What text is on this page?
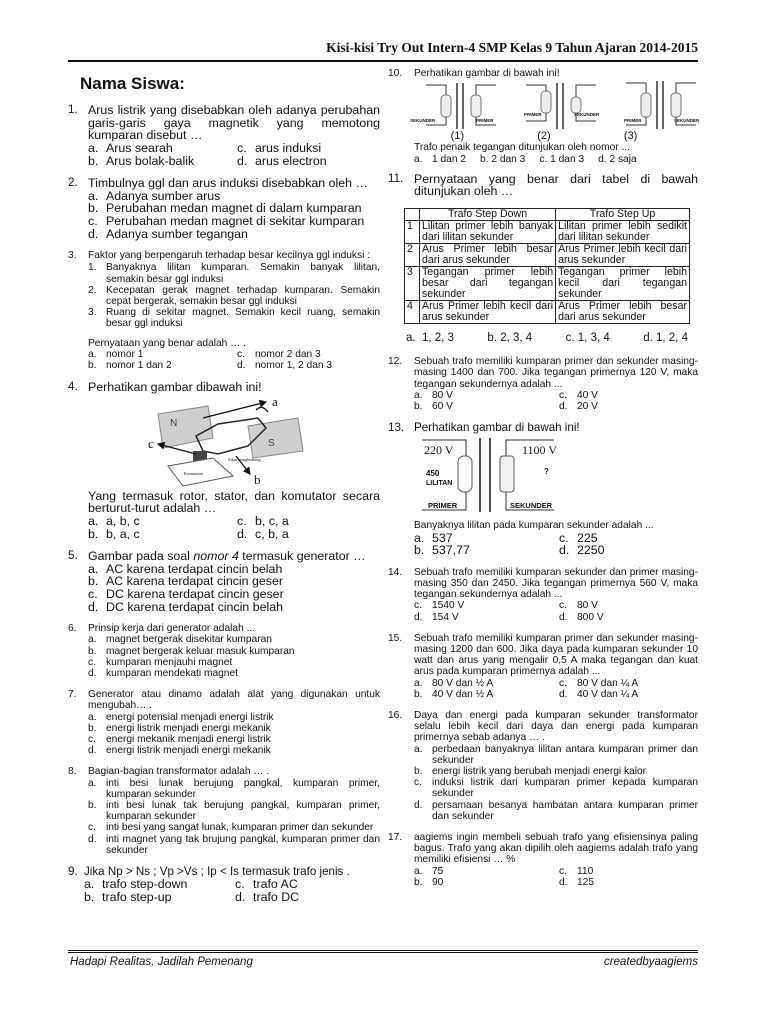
Kisi-kisi Try Out Intern-4 SMP Kelas 9 Tahun Ajaran 2014-2015
Nama Siswa:
1. Arus listrik yang disebabkan oleh adanya perubahan garis-garis gaya magnetik yang memotong kumparan disebut …
a. Arus searah	c. arus induksi
b. Arus bolak-balik	d. arus electron
2. Timbulnya ggl dan arus induksi disebabkan oleh …
a. Adanya sumber arus
b. Perubahan medan magnet di dalam kumparan
c. Perubahan medan magnet di sekitar kumparan
d. Adanya sumber tegangan
3.	Faktor yang berpengaruh terhadap besar kecilnya ggl induksi :
1. Banyaknya lilitan kumparan. Semakin banyak lilitan, semakin besar ggl induksi
2. Kecepatan gerak magnet terhadap kumparan. Semakin cepat bergerak, semakin besar ggl induksi
3. Ruang di sekitar magnet. Semakin kecil ruang, semakin besar ggl induksi
Pernyataan yang benar adalah … .
a. nomor 1	c. nomor 2 dan 3
b. nomor 1 dan 2	d. nomor 1, 2 dan 3
4. Perhatikan gambar dibawah ini!
a
c
b
N
S
Sikat penghubung
Komutator
Yang termasuk rotor, stator, dan komutator secara berturut-turut adalah …
a. a, b, c	c. b, c, a
b. b, a, c	d. c, b, a
5. Gambar pada soal nomor 4 termasuk generator …
a. AC karena terdapat cincin belah
b. AC karena terdapat cincin geser
c. DC karena terdapat cincin geser
d. DC karena terdapat cincin belah
6.	Prinsip kerja dari generator adalah ...
a. magnet bergerak disekitar kumparan
b. magnet bergerak keluar masuk kumparan
c. kumparan menjauhi magnet
d. kumparan mendekati magnet
7.	Generator atau dinamo adalah alat yang digunakan untuk mengubah… .
a. energi potensial menjadi energi listrik
b. energi listrik menjadi energi mekanik
c. energi mekanik menjadi energi listrik
d. energi listrik menjadi energi mekanik
8.	Bagian-bagian transformator adalah … .
a. inti besi lunak berujung pangkal, kumparan primer, kumparan sekunder
b. inti besi lunak tak berujung pangkal, kumparan primer, kumparan sekunder
c. inti besi yang sangat lunak, kumparan primer dan sekunder
d. inti magnet yang tak brujung pangkal, kumparan primer dan sekunder
9. Jika Np > Ns ; Vp >Vs ; Ip < Is termasuk trafo jenis .
a. trafo step-down	c. trafo AC
b. trafo step-up	d. trafo DC
10.	Perhatikan gambar di bawah ini!
SEKUNDER	PRIMER
PRIMER	SEKUNDER
PRIMER	SEKUNDER
(1)	(2)	(3)
Trafo penaik tegangan ditunjukan oleh nomor ...
a. 1 dan 2 b.
2 dan 3 c.
1 dan 3 d.
2 saja
11. Pernyataan yang benar dari tabel di bawah ditunjukan oleh …
	Trafo Step Down	Trafo Step Up
1	Lilitan primer lebih banyak dari lilitan sekunder	Lilitan primer lebih sedikit dari lilitan sekunder
2	Arus Primer lebih besar dari arus sekunder	Arus Primer lebih kecil dari arus sekunder
3	Tegangan primer lebih besar dari tegangan sekunder	Tegangan primer lebih kecil dari tegangan sekunder
4	Arus Primer lebih kecil dari arus sekunder	Arus Primer lebih besar dari arus sekunder
a. 1, 2, 3	b. 2, 3, 4	c. 1, 3, 4	d. 1, 2, 4
12.	Sebuah trafo memiliki kumparan primer dan sekunder masing-masing 1400 dan 700. Jika tegangan primernya 120 V, maka tegangan sekundernya adalah ...
a. 80 V	c. 40 V
b. 60 V	d. 20 V
13. Perhatikan gambar di bawah ini!
220 V	1100 V
450
LILITAN
?
PRIMER	SEKUNDER
Banyaknya lilitan pada kumparan sekunder adalah ...
a. 537	c. 225
b. 537,77	d. 2250
14.	Sebuah trafo memiliki kumparan sekunder dan primer masing-masing 350 dan 2450. Jika tegangan primernya 560 V, maka tegangan sekundernya adalah ...
c. 1540 V	c. 80 V
d. 154 V	d. 800 V
15.	Sebuah trafo memiliki kumparan primer dan sekunder masing-masing 1200 dan 600. Jika daya pada kumparan sekunder 10 watt dan arus yang mengalir 0,5 A maka tegangan dan kuat arus pada kumparan primernya adalah ...
a. 80 V dan ½ A	c. 80 V dan ¼ A
b. 40 V dan ½ A	d. 40 V dan ¼ A
16.	Daya dan energi pada kumparan sekunder transformator selalu lebih kecil dari daya dan energi pada kumparan primernya sebab adanya … .
a. perbedaan banyaknya lilitan antara kumparan primer dan sekunder
b. energi listrik yang berubah menjadi energi kalor
c. induksi listrik dari kumparan primer kepada kumparan sekunder
d. persamaan besanya hambatan antara kumparan primer dan sekunder
17.	aagiems ingin membeli sebuah trafo yang efisiensinya paling bagus. Trafo yang akan dipilih oleh aagiems adalah trafo yang memiliki efisiensi … %
a. 75	c. 110
b. 90	d. 125
Hadapi Realitas, Jadilah Pemenang	createdbyaagiems
